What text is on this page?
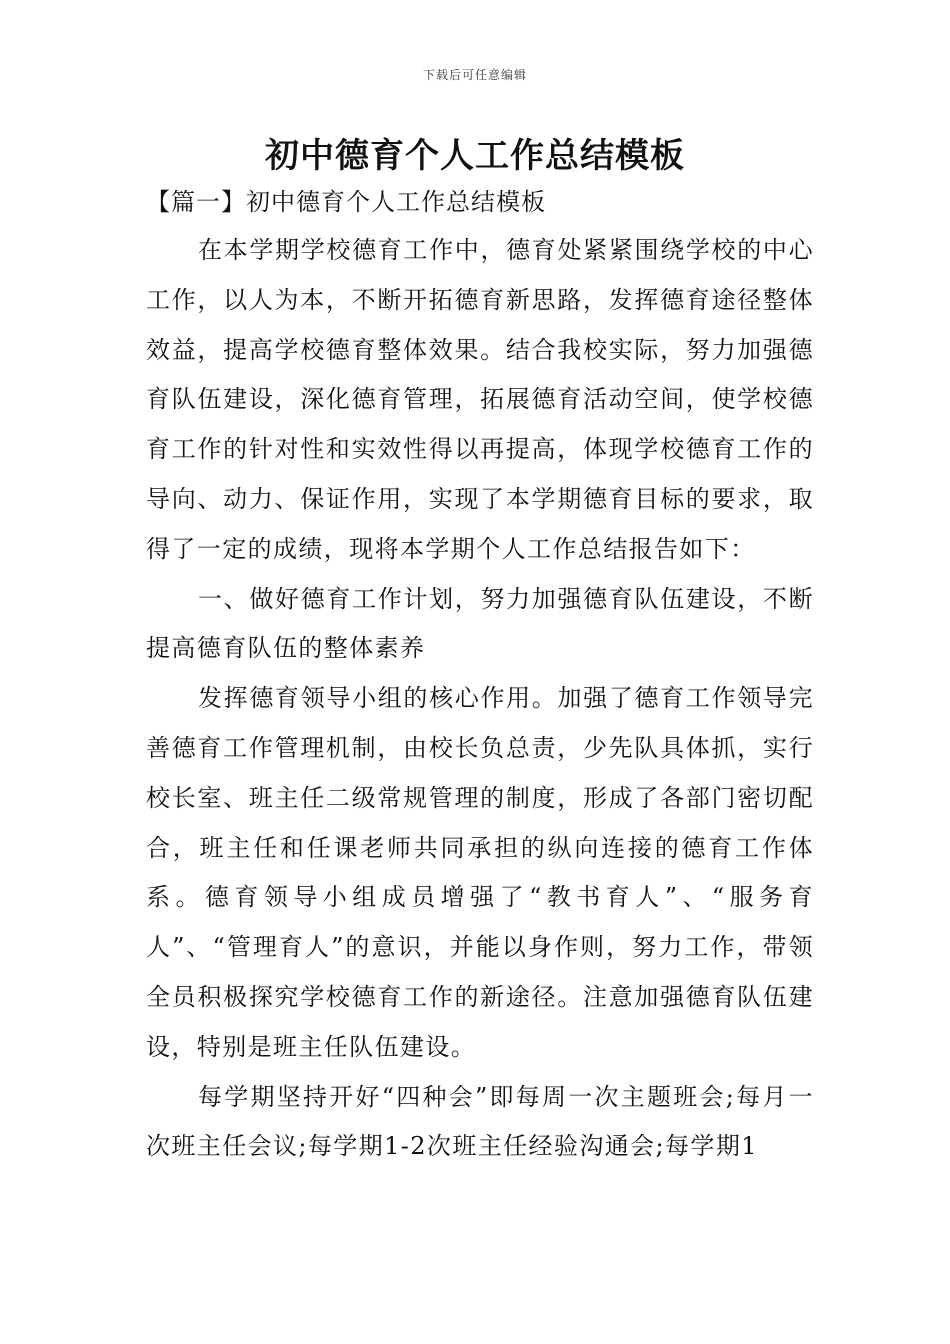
下载后可任意编辑
初中德育个人工作总结模板
【篇一】初中德育个人工作总结模板

在本学期学校德育工作中，德育处紧紧围绕学校的中心工作，以人为本，不断开拓德育新思路，发挥德育途径整体效益，提高学校德育整体效果。结合我校实际，努力加强德育队伍建设，深化德育管理，拓展德育活动空间，使学校德育工作的针对性和实效性得以再提高，体现学校德育工作的导向、动力、保证作用，实现了本学期德育目标的要求，取得了一定的成绩，现将本学期个人工作总结报告如下：

一、做好德育工作计划，努力加强德育队伍建设，不断提高德育队伍的整体素养

发挥德育领导小组的核心作用。加强了德育工作领导完善德育工作管理机制，由校长负总责，少先队具体抓，实行校长室、班主任二级常规管理的制度，形成了各部门密切配合，班主任和任课老师共同承担的纵向连接的德育工作体系。德育领导小组成员增强了“教书育人”、“服务育人”、“管理育人”的意识，并能以身作则，努力工作，带领全员积极探究学校德育工作的新途径。注意加强德育队伍建设，特别是班主任队伍建设。

每学期坚持开好“四种会”即每周一次主题班会;每月一次班主任会议;每学期1-2次班主任经验沟通会;每学期1
